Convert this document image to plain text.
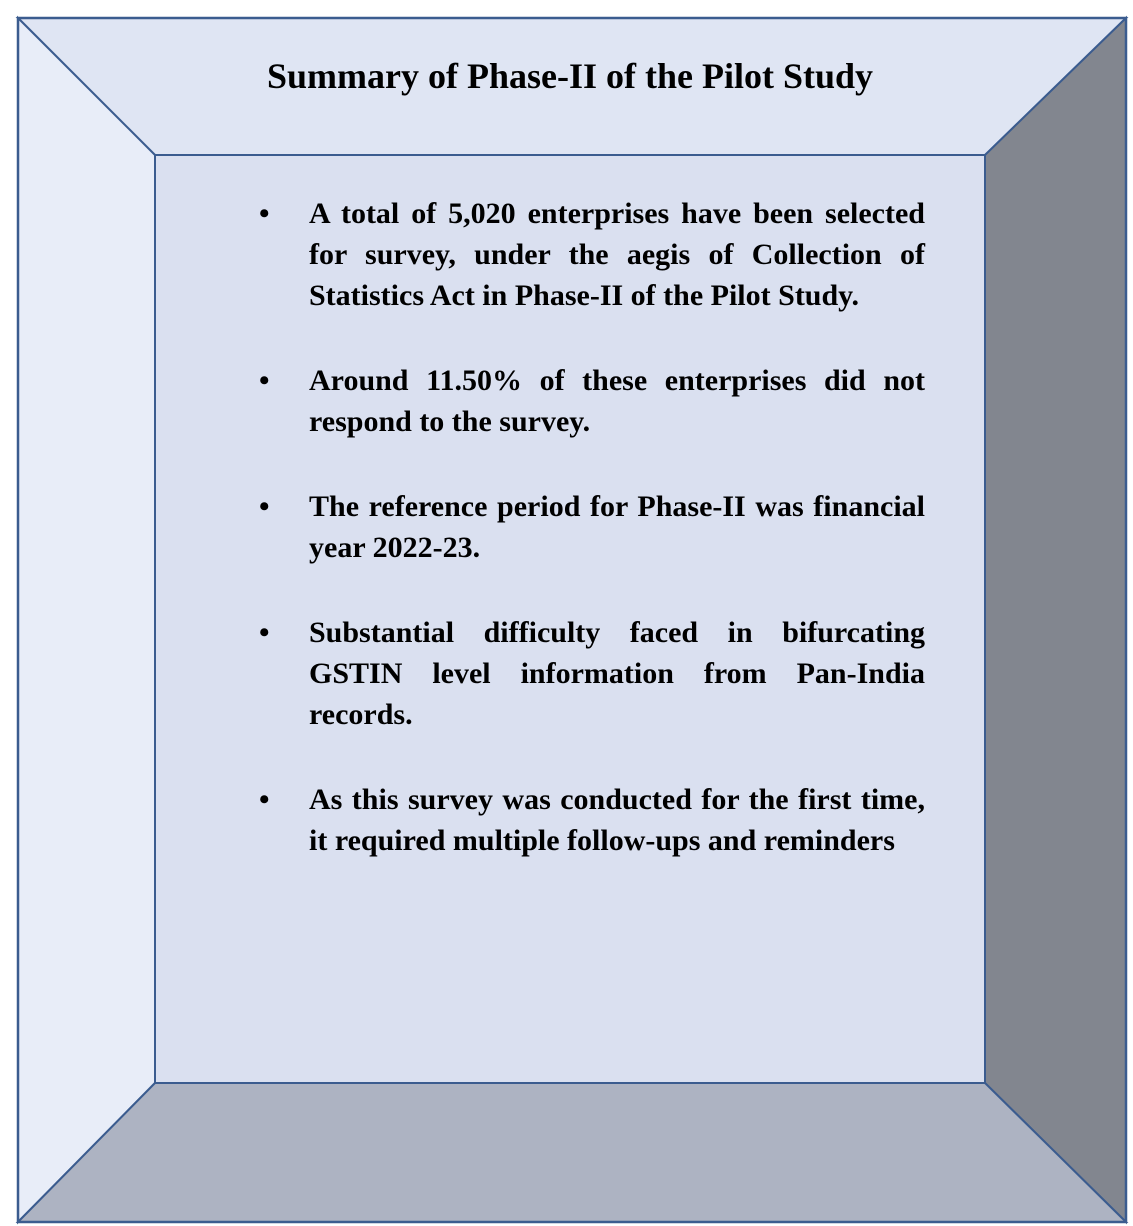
Summary of Phase-II of the Pilot Study
•	A total of 5,020 enterprises have been selected for survey, under the aegis of Collection of Statistics Act in Phase-II of the Pilot Study.
•	Around 11.50% of these enterprises did not respond to the survey.
•	The reference period for Phase-II was financial year 2022-23.
•	Substantial difficulty faced in bifurcating GSTIN level information from Pan-India records.
•	As this survey was conducted for the first time, it required multiple follow-ups and reminders
